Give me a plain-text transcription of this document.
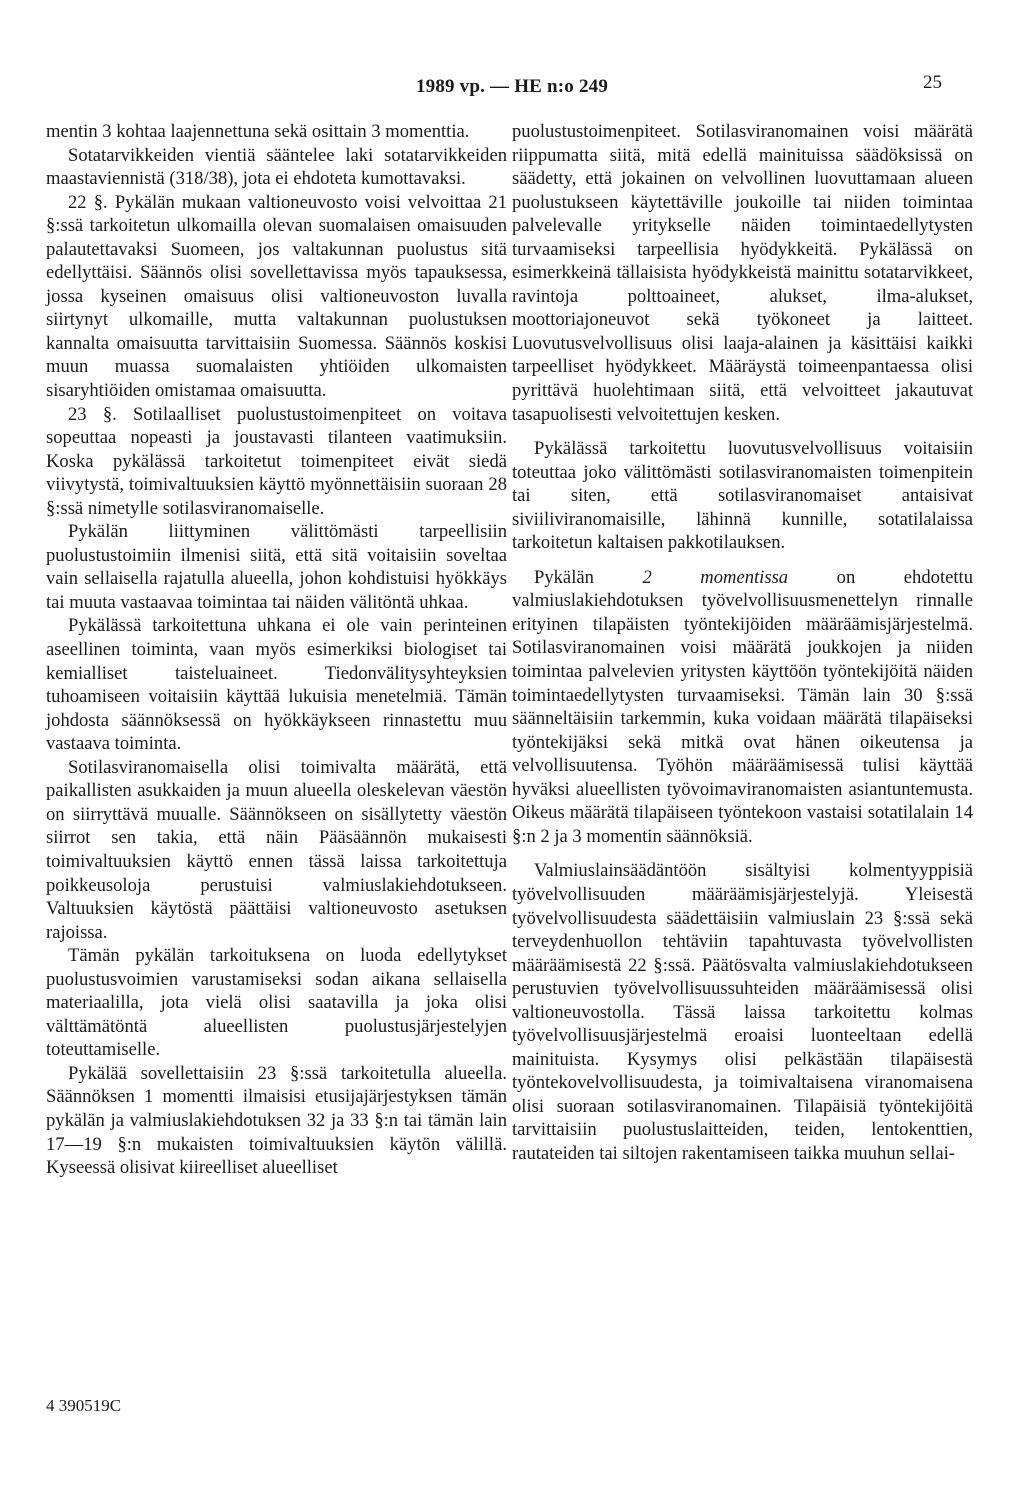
1989 vp. — HE n:o 249	25

mentin 3 kohtaa laajennettuna sekä osittain 3 momenttia.

Sotatarvikkeiden vientiä sääntelee laki sotatarvikkeiden maastaviennistä (318/38), jota ei ehdoteta kumottavaksi.

22 §. Pykälän mukaan valtioneuvosto voisi velvoittaa 21 §:ssä tarkoitetun ulkomailla olevan suomalaisen omaisuuden palautettavaksi Suomeen, jos valtakunnan puolustus sitä edellyttäisi. Säännös olisi sovellettavissa myös tapauksessa, jossa kyseinen omaisuus olisi valtioneuvoston luvalla siirtynyt ulkomaille, mutta valtakunnan puolustuksen kannalta omaisuutta tarvittaisiin Suomessa. Säännös koskisi muun muassa suomalaisten yhtiöiden ulkomaisten sisaryhtiöiden omistamaa omaisuutta.

23 §. Sotilaalliset puolustustoimenpiteet on voitava sopeuttaa nopeasti ja joustavasti tilanteen vaatimuksiin. Koska pykälässä tarkoitetut toimenpiteet eivät siedä viivytystä, toimivaltuuksien käyttö myönnettäisiin suoraan 28 §:ssä nimetylle sotilasviranomaiselle.

Pykälän liittyminen välittömästi tarpeellisiin puolustustoimiin ilmenisi siitä, että sitä voitaisiin soveltaa vain sellaisella rajatulla alueella, johon kohdistuisi hyökkäys tai muuta vastaavaa toimintaa tai näiden välitöntä uhkaa.

Pykälässä tarkoitettuna uhkana ei ole vain perinteinen aseellinen toiminta, vaan myös esimerkiksi biologiset tai kemialliset taisteluaineet. Tiedonvälitysyhteyksien tuhoamiseen voitaisiin käyttää lukuisia menetelmiä. Tämän johdosta säännöksessä on hyökkäykseen rinnastettu muu vastaava toiminta.

Sotilasviranomaisella olisi toimivalta määrätä, että paikallisten asukkaiden ja muun alueella oleskelevan väestön on siirryttävä muualle. Säännökseen on sisällytetty väestön siirrot sen takia, että näin Pääsäännön mukaisesti toimivaltuuksien käyttö ennen tässä laissa tarkoitettuja poikkeusoloja perustuisi valmiuslakiehdotukseen. Valtuuksien käytöstä päättäisi valtioneuvosto asetuksen rajoissa.

Tämän pykälän tarkoituksena on luoda edellytykset puolustusvoimien varustamiseksi sodan aikana sellaisella materiaalilla, jota vielä olisi saatavilla ja joka olisi välttämätöntä alueellisten puolustusjärjestelyjen toteuttamiselle.

Pykälää sovellettaisiin 23 §:ssä tarkoitetulla alueella. Säännöksen 1 momentti ilmaisisi etusijajärjestyksen tämän pykälän ja valmiuslakiehdotuksen 32 ja 33 §:n tai tämän lain 17—19 §:n mukaisten toimivaltuuksien käytön välillä. Kyseessä olisivat kiireelliset alueelliset

puolustustoimenpiteet. Sotilasviranomainen voisi määrätä riippumatta siitä, mitä edellä mainituissa säädöksissä on säädetty, että jokainen on velvollinen luovuttamaan alueen puolustukseen käytettäville joukoille tai niiden toimintaa palvelevalle yritykselle näiden toimintaedellytysten turvaamiseksi tarpeellisia hyödykkeitä. Pykälässä on esimerkkeinä tällaisista hyödykkeistä mainittu sotatarvikkeet, ravintoja polttoaineet, alukset, ilma-alukset, moottoriajoneuvot sekä työkoneet ja laitteet. Luovutusvelvollisuus olisi laaja-alainen ja käsittäisi kaikki tarpeelliset hyödykkeet. Määräystä toimeenpantaessa olisi pyrittävä huolehtimaan siitä, että velvoitteet jakautuvat tasapuolisesti velvoitettujen kesken.

Pykälässä tarkoitettu luovutusvelvollisuus voitaisiin toteuttaa joko välittömästi sotilasviranomaisten toimenpitein tai siten, että sotilasviranomaiset antaisivat siviiliviranomaisille, lähinnä kunnille, sotatilalaissa tarkoitetun kaltaisen pakkotilauksen.

Pykälän 2 momentissa on ehdotettu valmiuslakiehdotuksen työvelvollisuusmenettelyn rinnalle erityinen tilapäisten työntekijöiden määräämisjärjestelmä. Sotilasviranomainen voisi määrätä joukkojen ja niiden toimintaa palvelevien yritysten käyttöön työntekijöitä näiden toimintaedellytysten turvaamiseksi. Tämän lain 30 §:ssä säänneltäisiin tarkemmin, kuka voidaan määrätä tilapäiseksi työntekijäksi sekä mitkä ovat hänen oikeutensa ja velvollisuutensa. Työhön määräämisessä tulisi käyttää hyväksi alueellisten työvoimaviranomaisten asiantuntemusta. Oikeus määrätä tilapäiseen työntekoon vastaisi sotatilalain 14 §:n 2 ja 3 momentin säännöksiä.

Valmiuslainsäädäntöön sisältyisi kolmentyyppisiä työvelvollisuuden määräämisjärjestelyjä. Yleisestä työvelvollisuudesta säädettäisiin valmiuslain 23 §:ssä sekä terveydenhuollon tehtäviin tapahtuvasta työvelvollisten määräämisestä 22 §:ssä. Päätösvalta valmiuslakiehdotukseen perustuvien työvelvollisuussuhteiden määräämisessä olisi valtioneuvostolla. Tässä laissa tarkoitettu kolmas työvelvollisuusjärjestelmä eroaisi luonteeltaan edellä mainituista. Kysymys olisi pelkästään tilapäisestä työntekovelvollisuudesta, ja toimivaltaisena viranomaisena olisi suoraan sotilasviranomainen. Tilapäisiä työntekijöitä tarvittaisiin puolustuslaitteiden, teiden, lentokenttien, rautateiden tai siltojen rakentamiseen taikka muuhun sellai-

4 390519C
